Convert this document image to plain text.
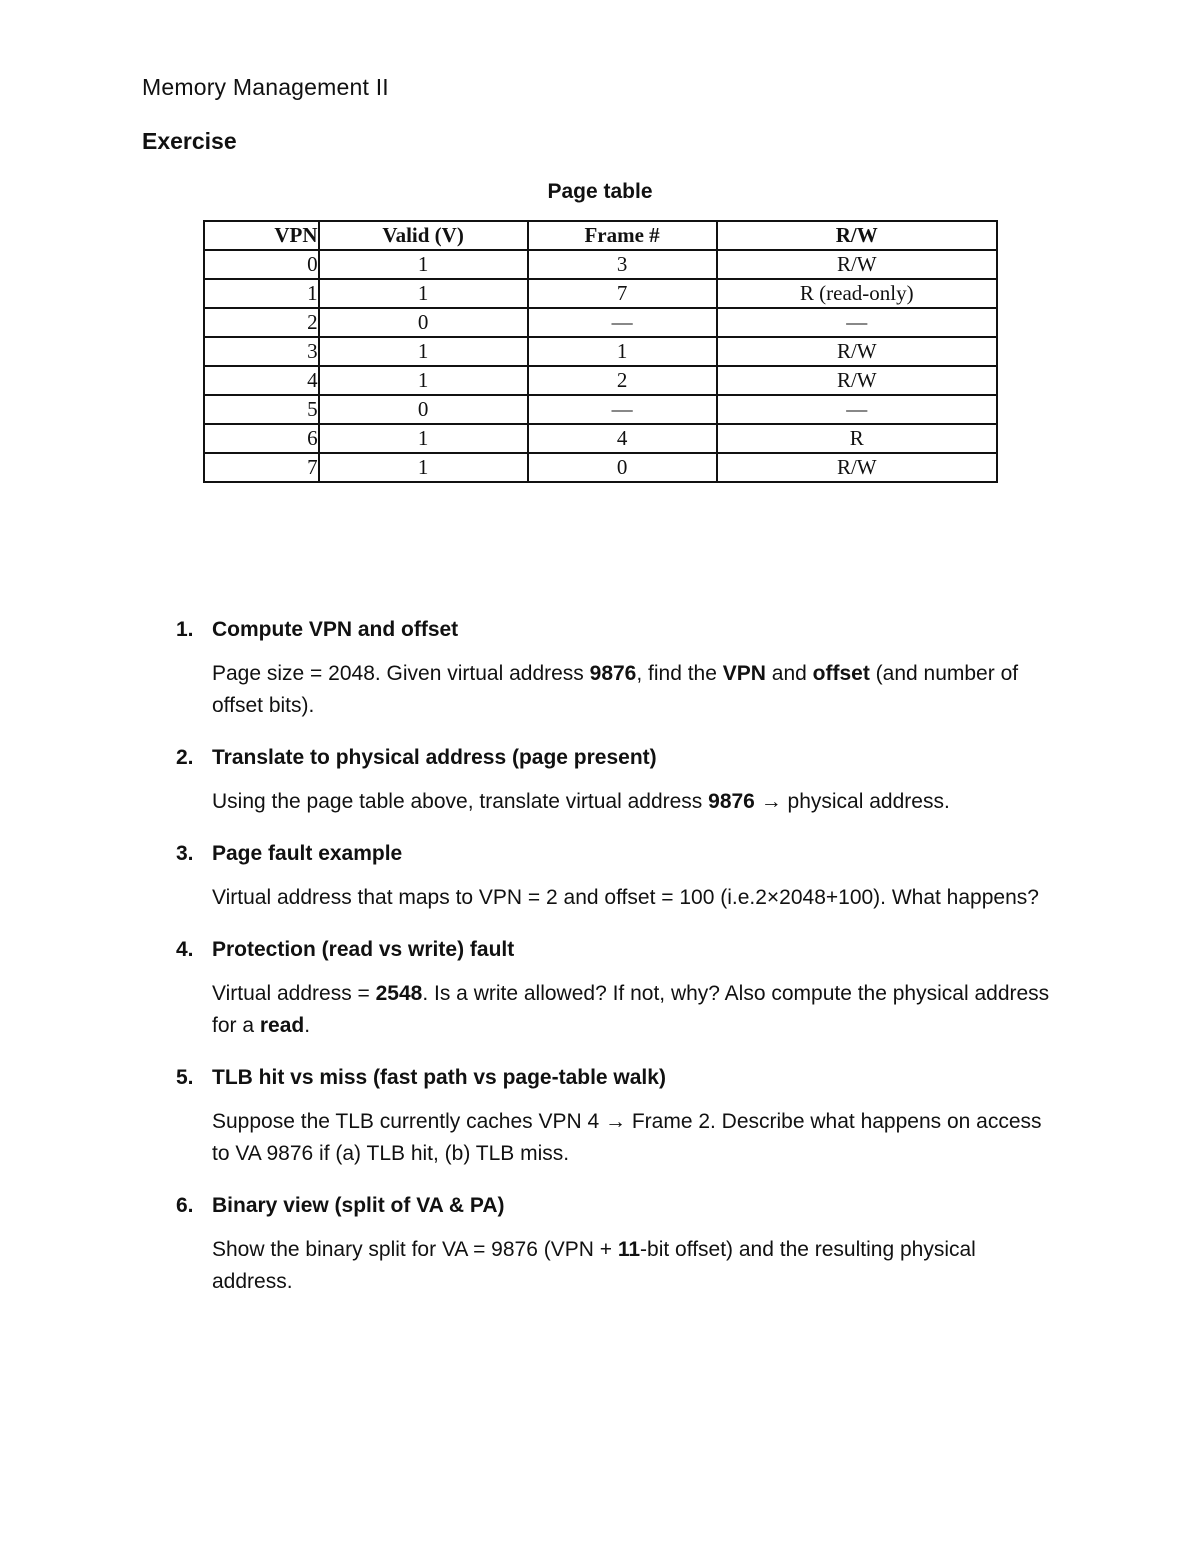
Memory Management II
Exercise
Page table
VPN	Valid (V)	Frame #	R/W
0	1	3	R/W
1	1	7	R (read-only)
2	0	—	—
3	1	1	R/W
4	1	2	R/W
5	0	—	—
6	1	4	R
7	1	0	R/W
1. Compute VPN and offset
Page size = 2048. Given virtual address 9876, find the VPN and offset (and number of offset bits).
2. Translate to physical address (page present)
Using the page table above, translate virtual address 9876 → physical address.
3. Page fault example
Virtual address that maps to VPN = 2 and offset = 100 (i.e.2×2048+100). What happens?
4. Protection (read vs write) fault
Virtual address = 2548. Is a write allowed? If not, why? Also compute the physical address for a read.
5. TLB hit vs miss (fast path vs page-table walk)
Suppose the TLB currently caches VPN 4 → Frame 2. Describe what happens on access to VA 9876 if (a) TLB hit, (b) TLB miss.
6. Binary view (split of VA & PA)
Show the binary split for VA = 9876 (VPN + 11-bit offset) and the resulting physical address.
